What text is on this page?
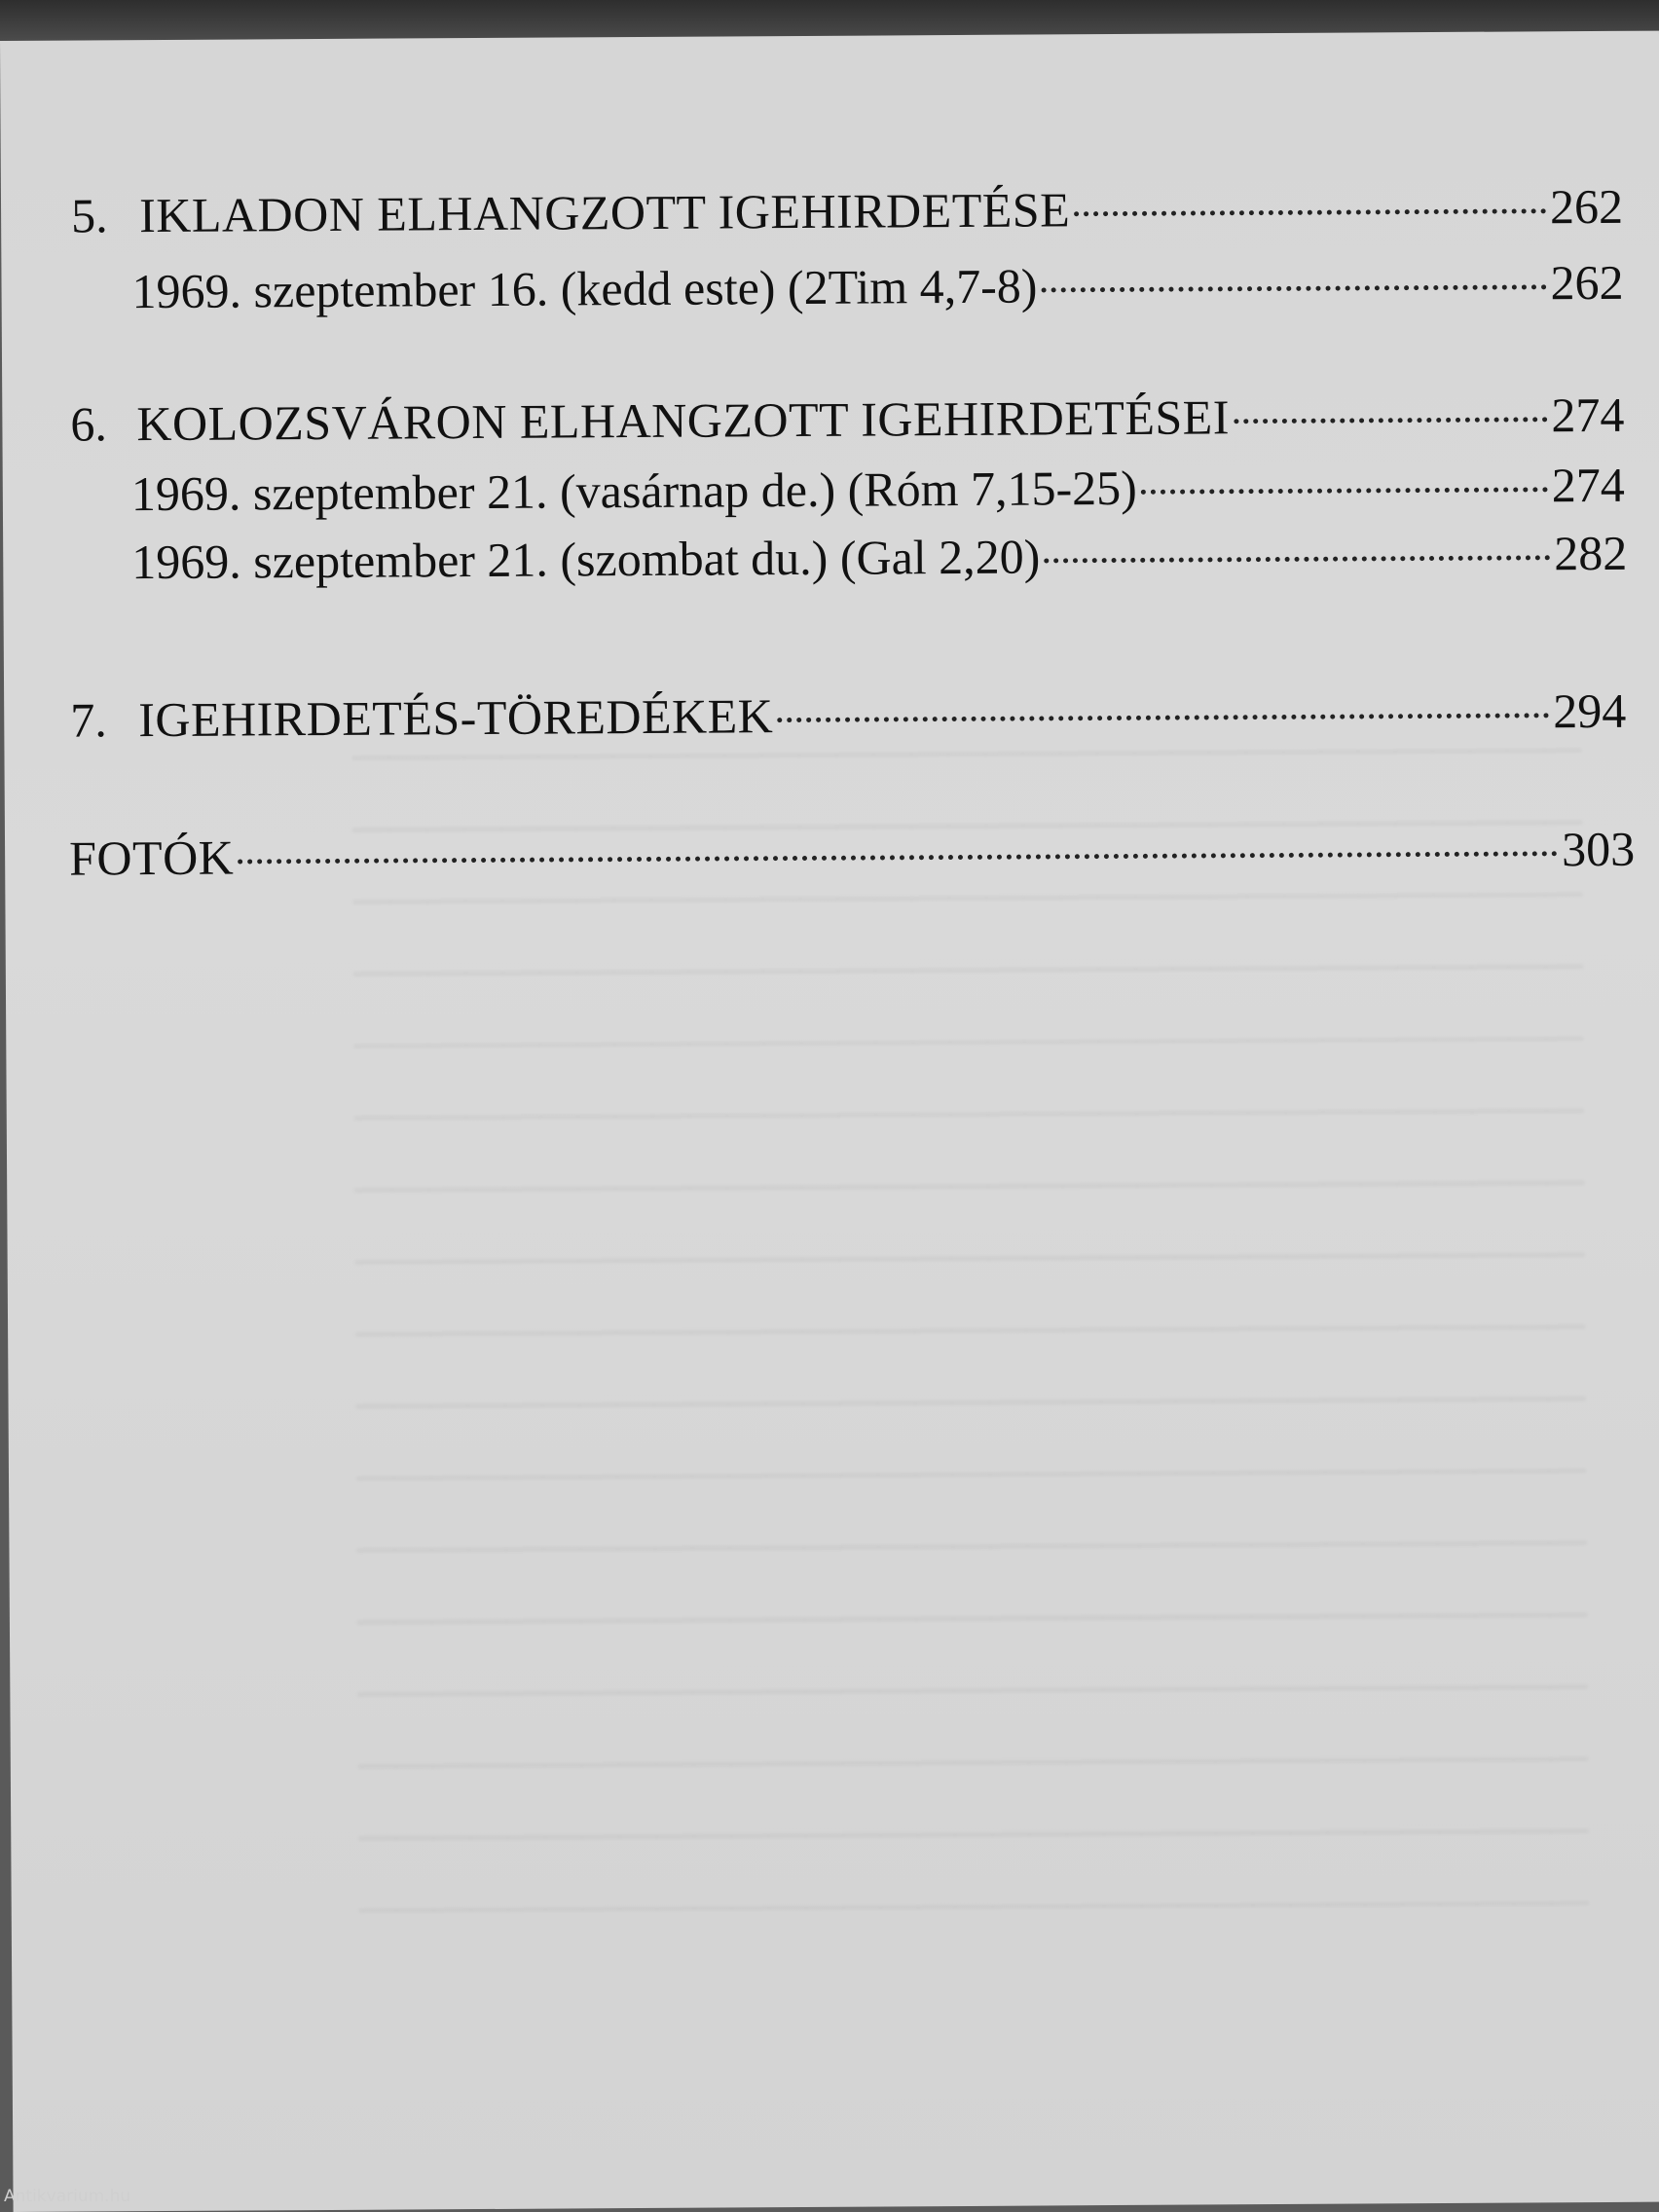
5. IKLADON ELHANGZOTT IGEHIRDETÉSE	262
1969. szeptember 16. (kedd este) (2Tim 4,7-8)	262
6. KOLOZSVÁRON ELHANGZOTT IGEHIRDETÉSEI	274
1969. szeptember 21. (vasárnap de.) (Róm 7,15-25)	274
1969. szeptember 21. (szombat du.) (Gal 2,20)	282
7. IGEHIRDETÉS-TÖREDÉKEK	294
FOTÓK	303
Antikvarium.hu
